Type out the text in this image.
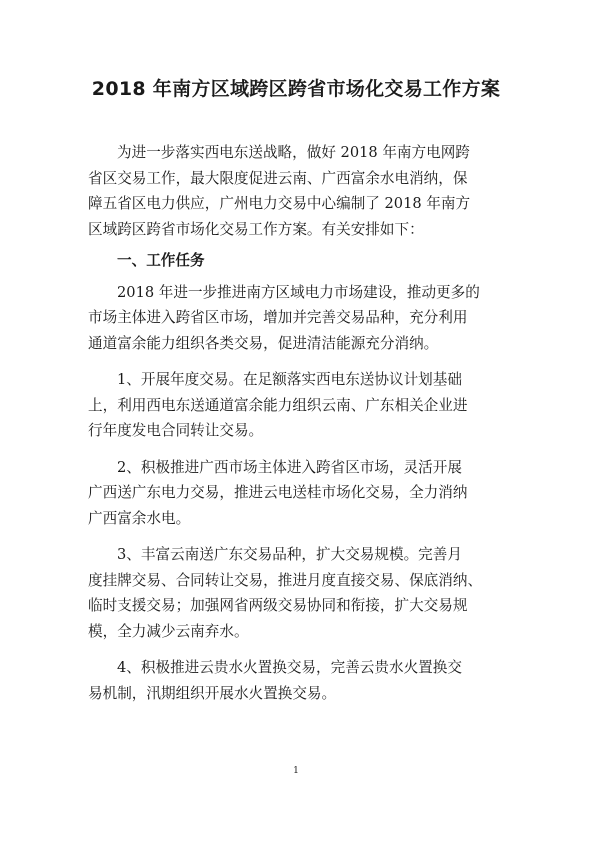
2018 年南方区域跨区跨省市场化交易工作方案

为进一步落实西电东送战略，做好 2018 年南方电网跨

省区交易工作，最大限度促进云南、广西富余水电消纳，保

障五省区电力供应，广州电力交易中心编制了 2018 年南方

区域跨区跨省市场化交易工作方案。有关安排如下：

一、工作任务

2018 年进一步推进南方区域电力市场建设，推动更多的

市场主体进入跨省区市场，增加并完善交易品种，充分利用

通道富余能力组织各类交易，促进清洁能源充分消纳。

1、开展年度交易。在足额落实西电东送协议计划基础

上，利用西电东送通道富余能力组织云南、广东相关企业进

行年度发电合同转让交易。

2、积极推进广西市场主体进入跨省区市场，灵活开展

广西送广东电力交易，推进云电送桂市场化交易，全力消纳

广西富余水电。

3、丰富云南送广东交易品种，扩大交易规模。完善月

度挂牌交易、合同转让交易，推进月度直接交易、保底消纳、

临时支援交易；加强网省两级交易协同和衔接，扩大交易规

模，全力减少云南弃水。

4、积极推进云贵水火置换交易，完善云贵水火置换交

易机制，汛期组织开展水火置换交易。

1
